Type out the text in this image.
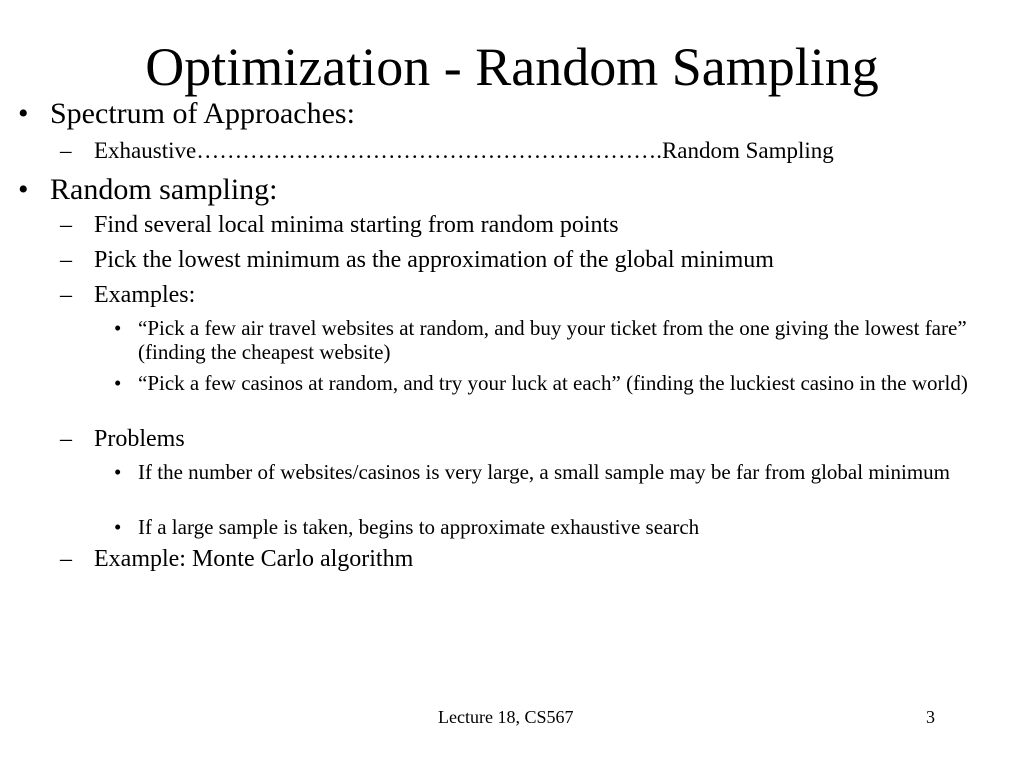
Optimization - Random Sampling
• Spectrum of Approaches:
– Exhaustive…………………………………………………….Random Sampling
• Random sampling:
– Find several local minima starting from random points
– Pick the lowest minimum as the approximation of the global minimum
– Examples:
• “Pick a few air travel websites at random, and buy your ticket from the one giving the lowest fare” (finding the cheapest website)
• “Pick a few casinos at random, and try your luck at each” (finding the luckiest casino in the world)
– Problems
• If the number of websites/casinos is very large, a small sample may be far from global minimum
• If a large sample is taken, begins to approximate exhaustive search
– Example: Monte Carlo algorithm
Lecture 18, CS567	3
